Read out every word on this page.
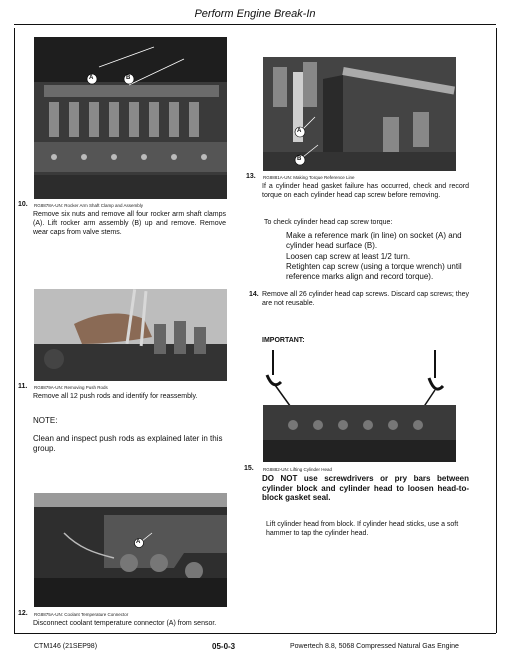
Perform Engine Break-In
A	B
10. RG8878A-UN: Rocker Arm Shaft Clamp and Assembly
Remove six nuts and remove all four rocker arm shaft clamps (A). Lift rocker arm assembly (B) up and remove. Remove wear caps from valve stems.
11. RG8879A-UN: Removing Push Rods
Remove all 12 push rods and identify for reassembly.
NOTE:
Clean and inspect push rods as explained later in this group.
A
12. RG8875A-UN: Coolant Temperature Connector
Disconnect coolant temperature connector (A) from sensor.
A
B
13. RG8881A-UN: Making Torque Reference Line
If a cylinder head gasket failure has occurred, check and record torque on each cylinder head cap screw before removing.
To check cylinder head cap screw torque:
Make a reference mark (in line) on socket (A) and cylinder head surface (B).
Loosen cap screw at least 1/2 turn.
Retighten cap screw (using a torque wrench) until reference marks align and record torque).
14. Remove all 26 cylinder head cap screws. Discard cap screws; they are not reusable.
IMPORTANT:
15. RG8882-UN: Lifting Cylinder Head
DO NOT use screwdrivers or pry bars between cylinder block and cylinder head to loosen head-to-block gasket seal.
Lift cylinder head from block. If cylinder head sticks, use a soft hammer to tap the cylinder head.
CTM146 (21SEP98)	05-0-3	Powertech 8.8, 5068 Compressed Natural Gas Engine
